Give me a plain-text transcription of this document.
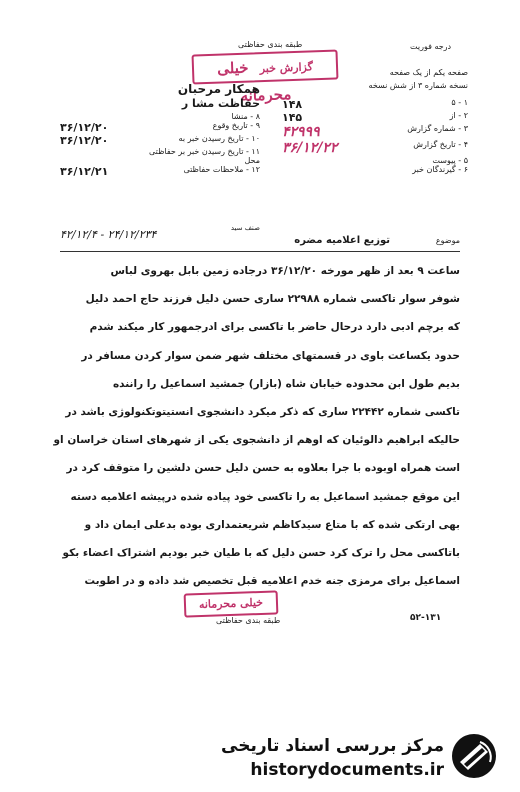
درجه فوریت
طبقه بندی حفاظتی
گزارش خبر خیلی محرمانه
همکار مرحبان
حفاظت مشا ر
۸ - منشا
۹ - تاریخ وقوع
۳۶/۱۲/۲۰
۱۰ - تاریخ رسیدن خبر به
۳۶/۱۲/۲۰
۱۱ - تاریخ رسیدن خبر بر حفاظتی
محل
۱۲ - ملاحظات حفاظتی
۳۶/۱۲/۲۱
صفحه یکم از یک صفحه
نسخه شماره ۳ از شش نسخه
۱ - ۵
۱۴۸
۲ - از
۱۴۵
۳ - شماره گزارش
۴۲۹۹۹
۴ - تاریخ گزارش
۳۶/۱۲/۲۲
۵ - پیوست
۶ - گیرندگان خبر
موضوع
توزیع اعلامیه مضره
صنف سید
۴۲/۱۲/۴ - ۲۴/۱۲/۲۳۴
ساعت ۹ بعد از ظهر مورخه ۳۶/۱۲/۲۰ درجاده زمین بابل بهروی لباس
شوفر سوار تاکسی شماره ۲۲۹۸۸ ساری حسن دلیل فرزند حاج احمد دلیل
که برچم ادبی دارد درحال حاضر با تاکسی برای ادرجمهور کار میکند شدم
حدود یکساعت باوی در قسمتهای مختلف شهر ضمن سوار کردن مسافر در
بدیم طول ابن محدوده خیابان شاه (بازار) جمشید اسماعیل را راننده
تاکسی شماره ۲۲۴۴۲ ساری که ذکر میکرد دانشجوی انستیتوتکنولوژی باشد در
حالیکه ابراهیم دالوئیان که اوهم از دانشجوی یکی از شهرهای استان خراسان او
است همراه اوبوده با جرا بعلاوه به حسن دلیل حسن دلشین را متوقف کرد در
این موقع جمشید اسماعیل به را تاکسی خود پیاده شده درپیشه اعلامیه دسته
بهی ارتکی شده که با متاع سیدکاظم شریعتمداری بوده بدعلی ایمان داد و
باتاکسی محل را ترک کرد حسن دلیل که با طیان خبر بودیم اشتراک اعضاء بکو
اسماعیل برای مرمزی جنه خدم اعلامیه قبل تخصیص شد داده و در اطوبت
خیلی محرمانه
طبقه بندی حفاظتی	۵۲-۱۳۱
مرکز بررسی اسناد تاریخی
historydocuments.ir
